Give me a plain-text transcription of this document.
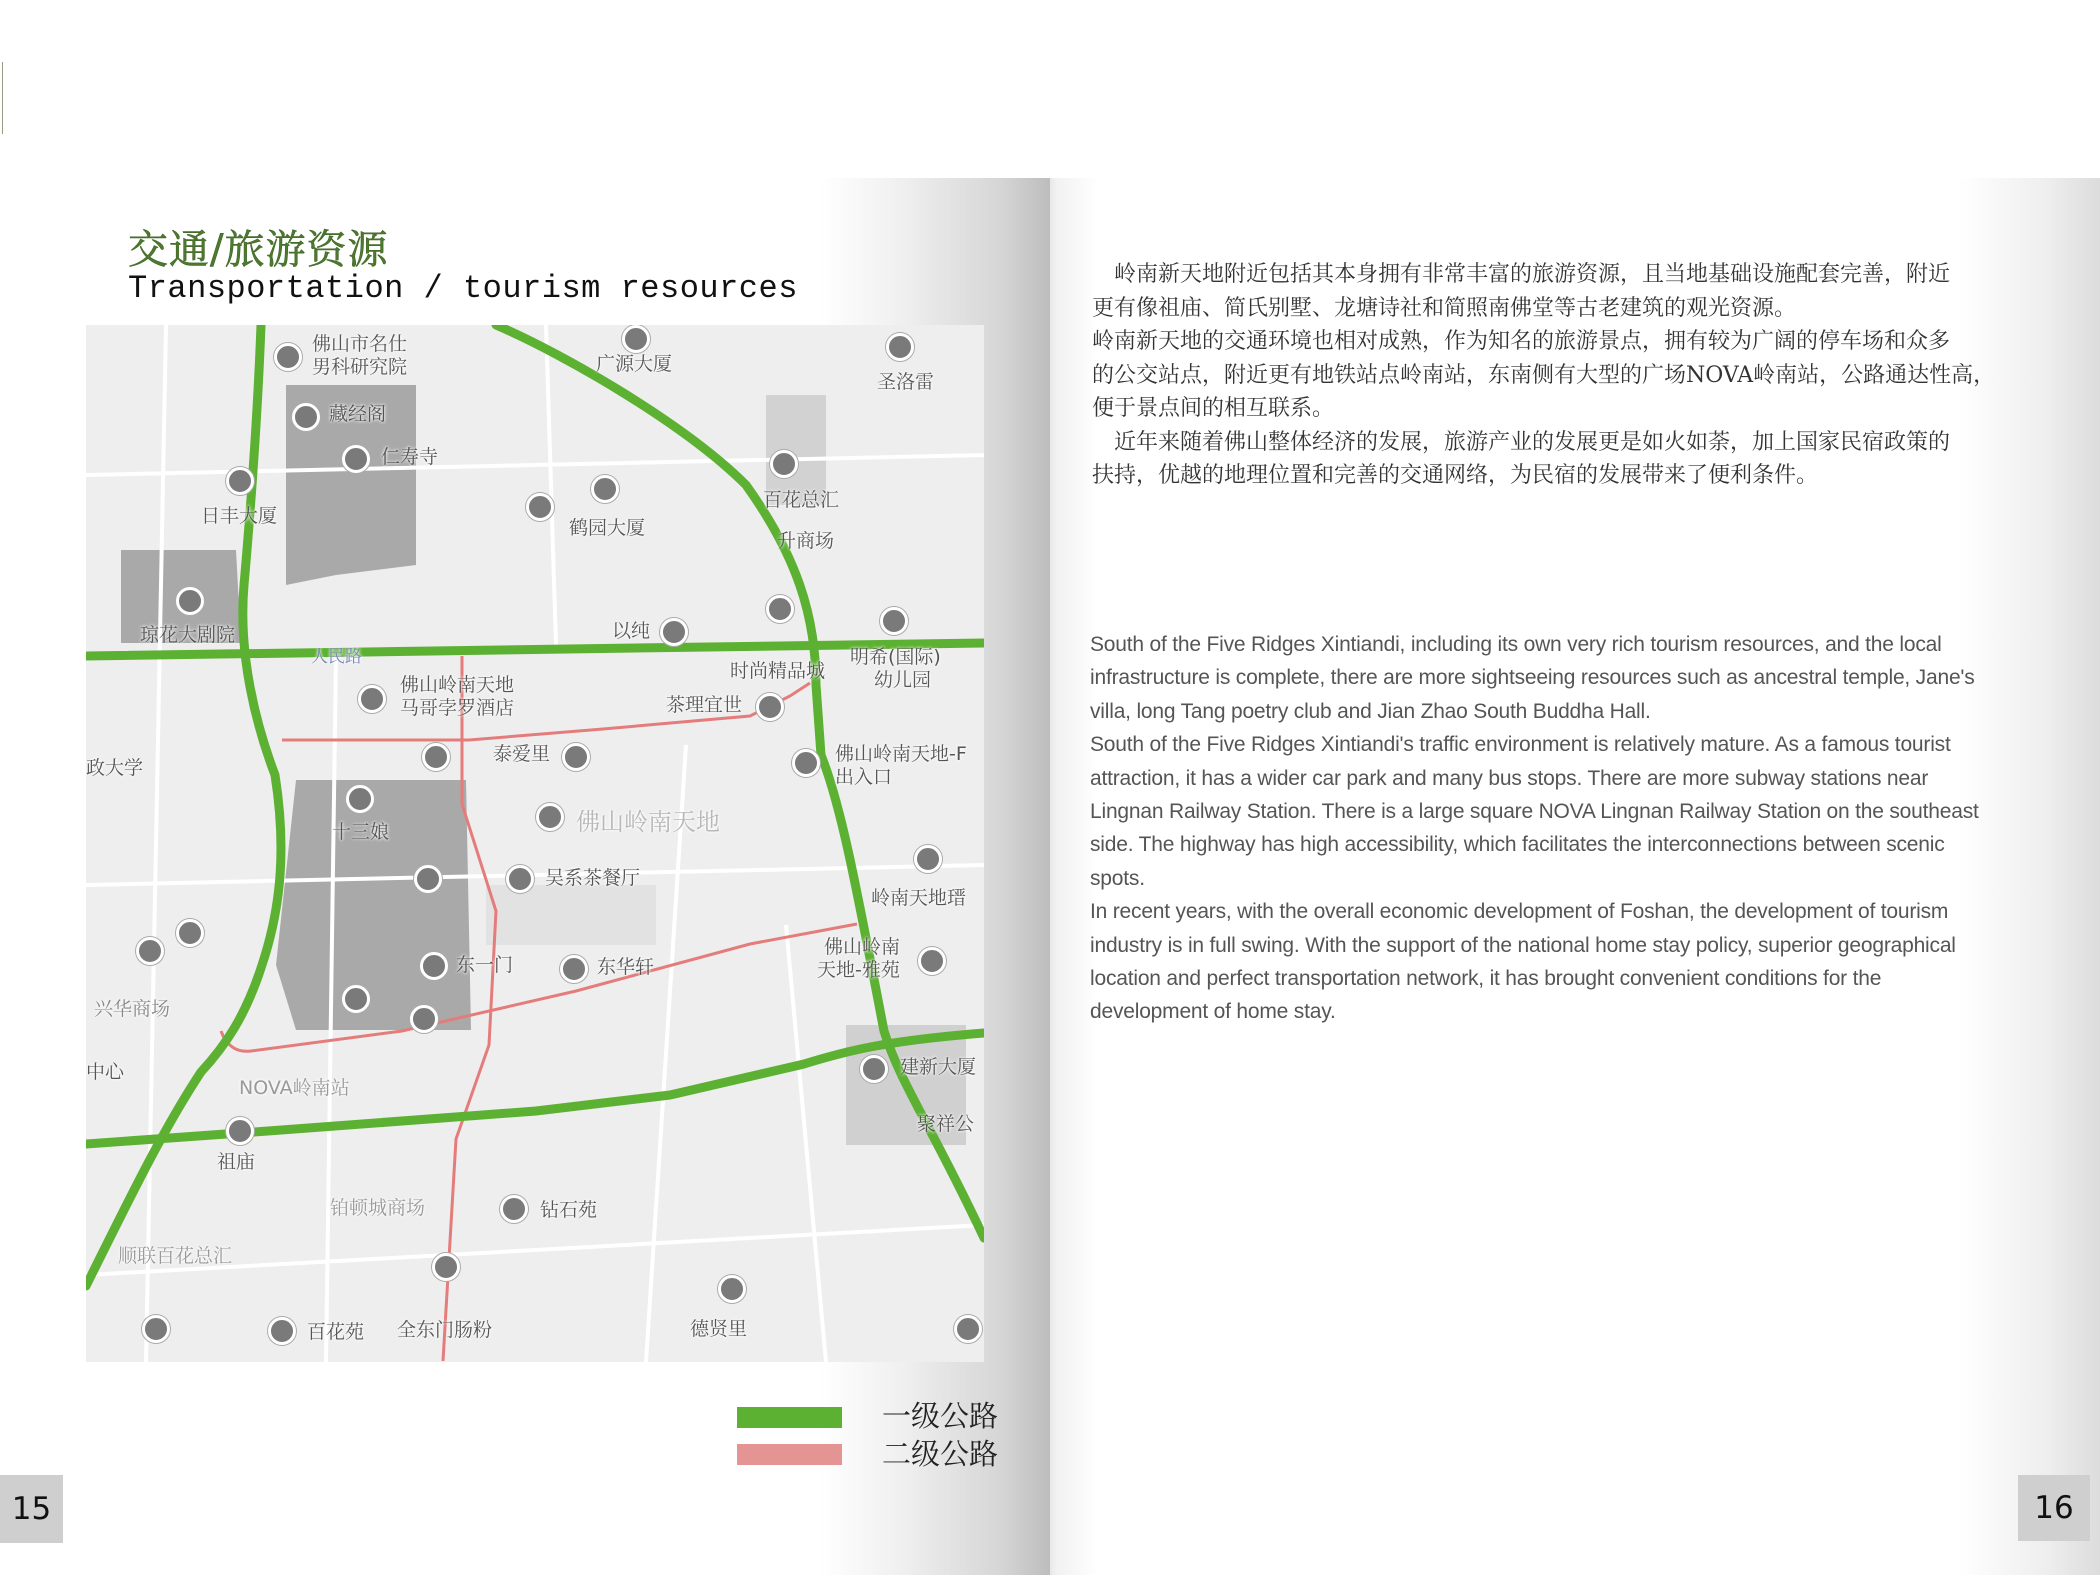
交通/旅游资源
Transportation / tourism resources
佛山市名仕
男科研究院
藏经阁
仁寿寺
日丰大厦
广源大厦
圣洛雷
鹤园大厦
百花总汇
升商场
琼花大剧院	以纯
时尚精品城
明希(国际)
幼儿园
人民路
佛山岭南天地
马哥孛罗酒店	茶理宜世
泰爱里	佛山岭南天地-F
出入口
十三娘	佛山岭南天地
吴系茶餐厅
岭南天地瑨
东一门	东华轩
佛山岭南
天地-雅苑
兴华商场
中心
NOVA岭南站
建新大厦
祖庙
聚祥公
铂顿城商场	钻石苑
顺联百花总汇
全东门肠粉
百花苑	德贤里
政大学
一级公路
二级公路
15	16
　岭南新天地附近包括其本身拥有非常丰富的旅游资源，且当地基础设施配套完善，附近
更有像祖庙、简氏别墅、龙塘诗社和简照南佛堂等古老建筑的观光资源。
岭南新天地的交通环境也相对成熟，作为知名的旅游景点，拥有较为广阔的停车场和众多
的公交站点，附近更有地铁站点岭南站，东南侧有大型的广场NOVA岭南站，公路通达性高，
便于景点间的相互联系。
　近年来随着佛山整体经济的发展，旅游产业的发展更是如火如荼，加上国家民宿政策的
扶持，优越的地理位置和完善的交通网络，为民宿的发展带来了便利条件。
South of the Five Ridges Xintiandi, including its own very rich tourism resources, and the local
infrastructure is complete, there are more sightseeing resources such as ancestral temple, Jane's
villa, long Tang poetry club and Jian Zhao South Buddha Hall.
South of the Five Ridges Xintiandi's traffic environment is relatively mature. As a famous tourist
attraction, it has a wider car park and many bus stops. There are more subway stations near
Lingnan Railway Station. There is a large square NOVA Lingnan Railway Station on the southeast
side. The highway has high accessibility, which facilitates the interconnections between scenic
spots.
In recent years, with the overall economic development of Foshan, the development of tourism
industry is in full swing. With the support of the national home stay policy, superior geographical
location and perfect transportation network, it has brought convenient conditions for the
development of home stay.
